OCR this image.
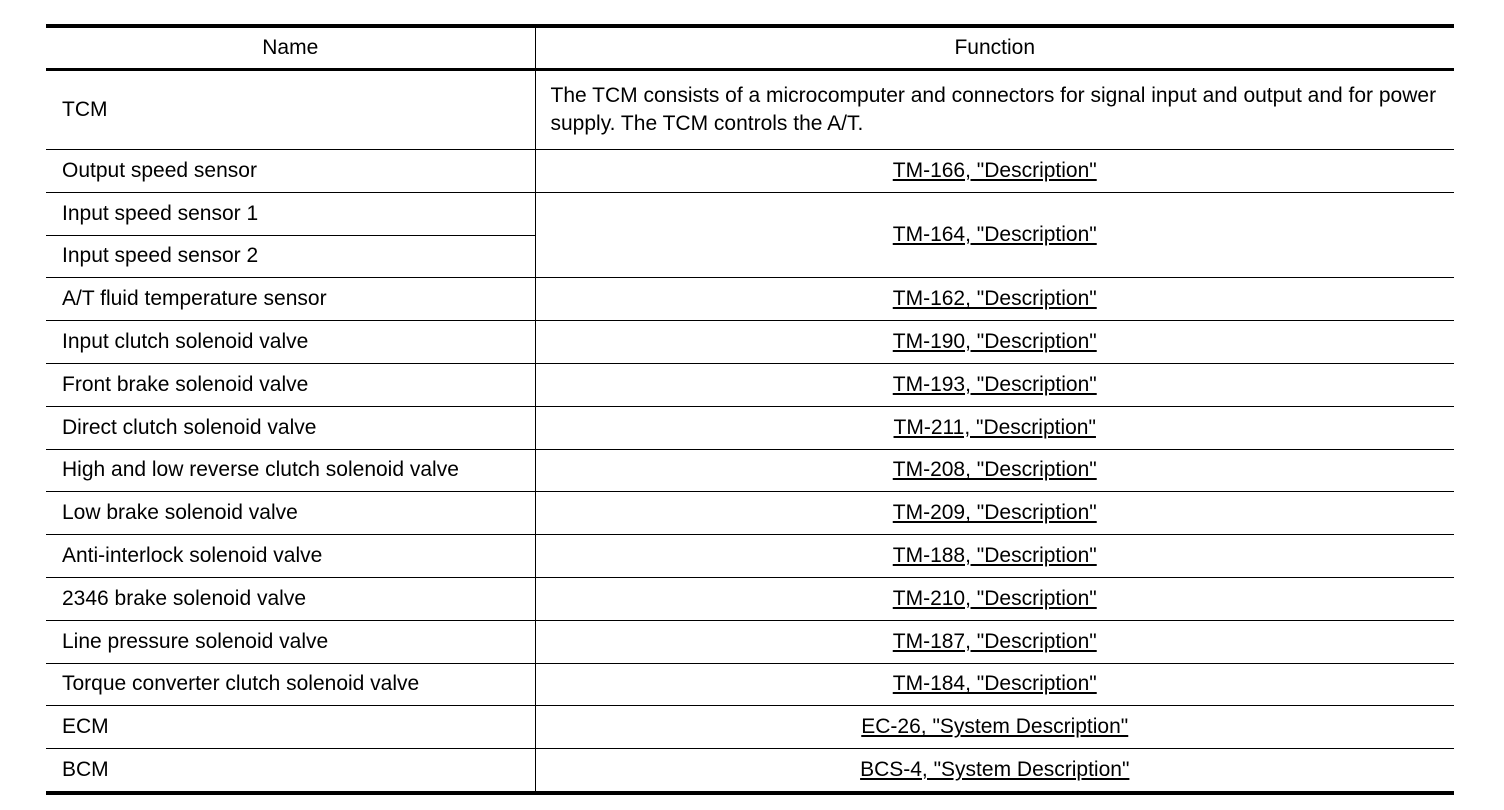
Name	Function
TCM	The TCM consists of a microcomputer and connectors for signal input and output and for power supply. The TCM controls the A/T.
Output speed sensor	TM-166, "Description"
Input speed sensor 1	TM-164, "Description"
Input speed sensor 2	
A/T fluid temperature sensor	TM-162, "Description"
Input clutch solenoid valve	TM-190, "Description"
Front brake solenoid valve	TM-193, "Description"
Direct clutch solenoid valve	TM-211, "Description"
High and low reverse clutch solenoid valve	TM-208, "Description"
Low brake solenoid valve	TM-209, "Description"
Anti-interlock solenoid valve	TM-188, "Description"
2346 brake solenoid valve	TM-210, "Description"
Line pressure solenoid valve	TM-187, "Description"
Torque converter clutch solenoid valve	TM-184, "Description"
ECM	EC-26, "System Description"
BCM	BCS-4, "System Description"
